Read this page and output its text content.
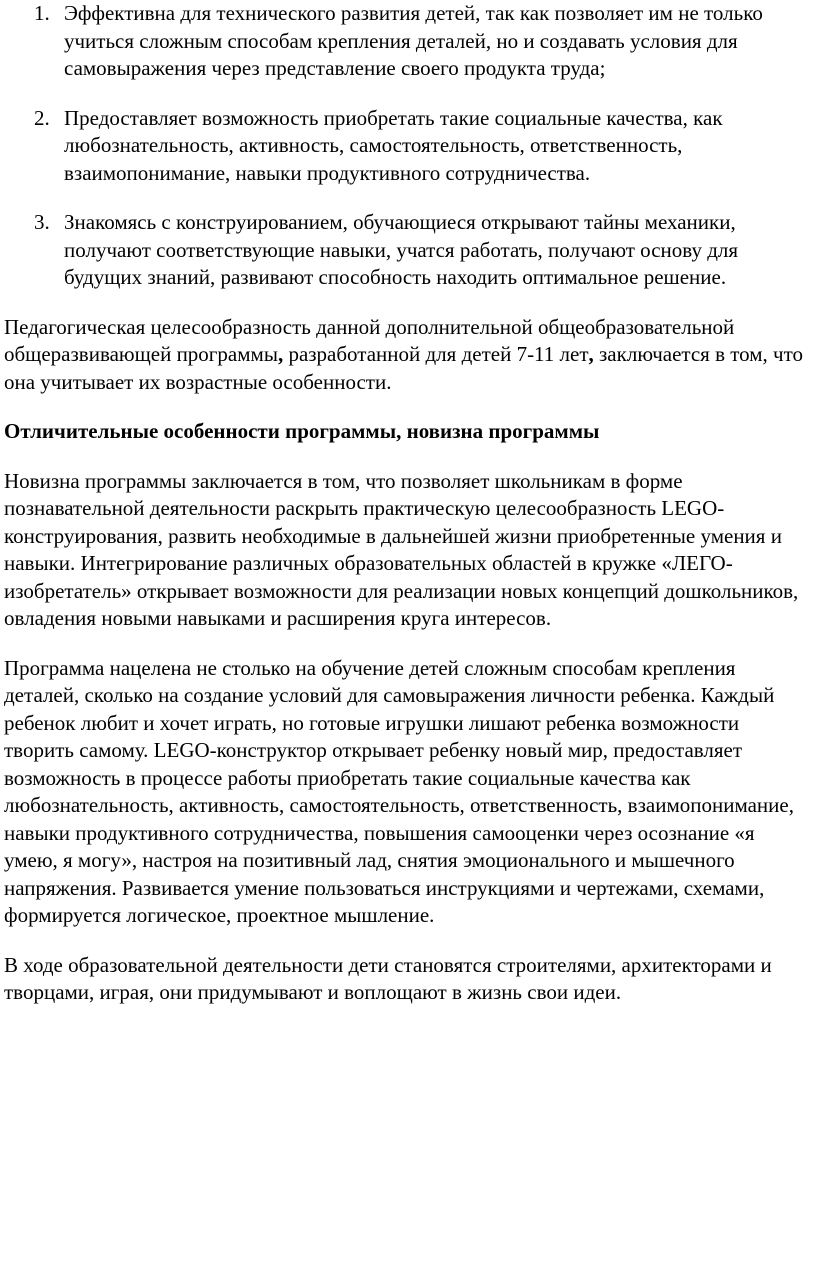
1. Эффективна для технического развития детей, так как позволяет им не только учиться сложным способам крепления деталей, но и создавать условия для самовыражения через представление своего продукта труда;
2. Предоставляет возможность приобретать такие социальные качества, как любознательность, активность, самостоятельность, ответственность, взаимопонимание, навыки продуктивного сотрудничества.
3. Знакомясь с конструированием, обучающиеся открывают тайны механики, получают соответствующие навыки, учатся работать, получают основу для будущих знаний, развивают способность находить оптимальное решение.

Педагогическая целесообразность данной дополнительной общеобразовательной общеразвивающей программы, разработанной для детей 7-11 лет, заключается в том, что она учитывает их возрастные особенности.

Отличительные особенности программы, новизна программы

Новизна программы заключается в том, что позволяет школьникам в форме познавательной деятельности раскрыть практическую целесообразность LEGO-конструирования, развить необходимые в дальнейшей жизни приобретенные умения и навыки. Интегрирование различных образовательных областей в кружке «ЛЕГО-изобретатель» открывает возможности для реализации новых концепций дошкольников, овладения новыми навыками и расширения круга интересов.

Программа нацелена не столько на обучение детей сложным способам крепления деталей, сколько на создание условий для самовыражения личности ребенка. Каждый ребенок любит и хочет играть, но готовые игрушки лишают ребенка возможности творить самому. LEGO-конструктор открывает ребенку новый мир, предоставляет возможность в процессе работы приобретать такие социальные качества как любознательность, активность, самостоятельность, ответственность, взаимопонимание, навыки продуктивного сотрудничества, повышения самооценки через осознание «я умею, я могу», настроя на позитивный лад, снятия эмоционального и мышечного напряжения. Развивается умение пользоваться инструкциями и чертежами, схемами, формируется логическое, проектное мышление.

В ходе образовательной деятельности дети становятся строителями, архитекторами и творцами, играя, они придумывают и воплощают в жизнь свои идеи.
